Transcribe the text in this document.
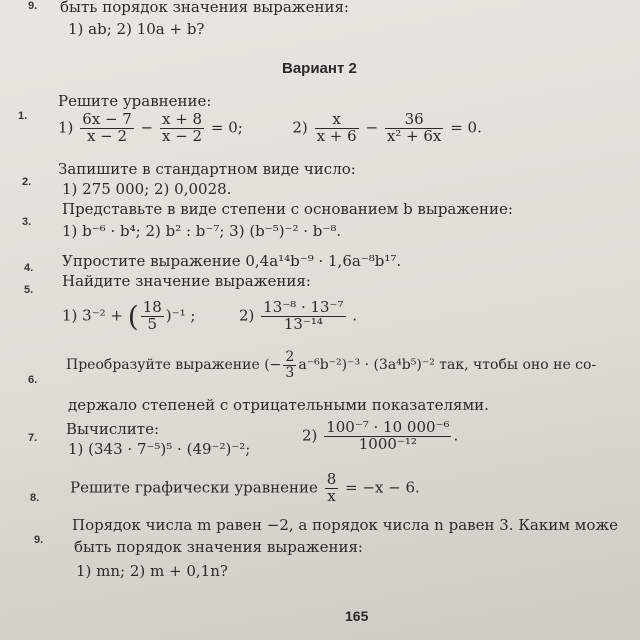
9. быть порядок значения выражения:
1) ab; 2) 10a + b?
Вариант 2
1.
Решите уравнение:
$1) \frac{6x - 7}{x - 2} - \frac{x + 8}{x - 2} = 0$;	$2) \frac{x}{x + 6} - \frac{36}{\text{x² + 6x}} = 0$.
2.
Запишите в стандартном виде число:
1) 275 000; 2) 0,0028.
3.
Представьте в виде степени с основанием b выражение:
1) b⁻⁶ · b⁴; 2) b² : b⁻⁷; 3) (b⁻⁵)⁻² · b⁻⁸.
4. Упростите выражение 0,4a¹⁴b⁻⁹ · 1,6a⁻⁸b¹⁷.
5. Найдите значение выражения:
1) 3⁻² + ( $\frac{18}{5} )^{-1}$ ;	$2) \frac{\text{13⁻⁸ · 13⁻⁷}}{\text{13⁻¹⁴}}$ .
6.
Преобразуйте выражение (− $\frac{2}{3} a^{-6}b^{-2})^{-3} \cdot (3a^4b^5)^{-2}$ так, чтобы оно не со-
держало степеней с отрицательными показателями.
7. Вычислите:
1) (343 · 7⁻⁵)⁵ · (49⁻²)⁻²;
$2) \frac{\text{100⁻⁷ · 10 000⁻⁶}}{\text{1000⁻¹²}}$ .
8.
Решите графически уравнение $\frac{8}{x} = -x - 6$.
9.
Порядок числа m равен −2, а порядок числа n равен 3. Каким може
быть порядок значения выражения:
1) mn; 2) m + 0,1n?
165
